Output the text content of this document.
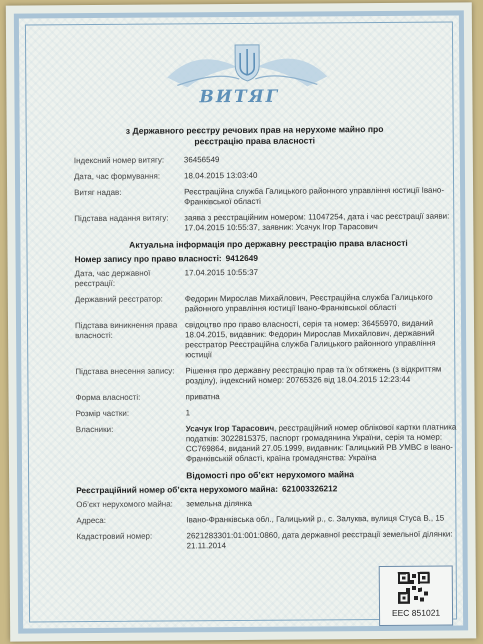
ВИТЯГ
з Державного реєстру речових прав на нерухоме майно про реєстрацію права власності
Індексний номер витягу:	36456549
Дата, час формування:	18.04.2015 13:03:40
Витяг надав:	Реєстраційна служба Галицького районного управління юстиції Івано-Франківської області
Підстава надання витягу:	заява з реєстраційним номером: 11047254, дата і час реєстрації заяви: 17.04.2015 10:55:37, заявник: Усачук Ігор Тарасович
Актуальна інформація про державну реєстрацію права власності
Номер запису про право власності: 9412649
Дата, час державної реєстрації:
17.04.2015 10:55:37
Державний реєстратор:	Федорин Мирослав Михайлович, Реєстраційна служба Галицького районного управління юстиції Івано-Франківської області
Підстава виникнення права власності:
свідоцтво про право власності, серія та номер: 36455970, виданий 18.04.2015, видавник: Федорин Мирослав Михайлович, державний реєстратор Реєстраційна служба Галицького районного управління юстиції
Підстава внесення запису:	Рішення про державну реєстрацію прав та їх обтяжень (з відкриттям розділу), індексний номер: 20765326 від 18.04.2015 12:23:44
Форма власності:	приватна
Розмір частки:	1
Власники:	Усачук Ігор Тарасович, реєстраційний номер облікової картки платника податків: 3022815375, паспорт громадянина України, серія та номер: СС769864, виданий 27.05.1999, видавник: Галицький РВ УМВС в Івано-Франківській області, країна громадянства: Україна
Відомості про об’єкт нерухомого майна
Реєстраційний номер об’єкта нерухомого майна: 621003326212
Об’єкт нерухомого майна:	земельна ділянка
Адреса:	Івано-Франківська обл., Галицький р., с. Залуква, вулиця Стуса В., 15
Кадастровий номер:	2621283301:01:001:0860, дата державної реєстрації земельної ділянки: 21.11.2014
ЕЕС 851021
